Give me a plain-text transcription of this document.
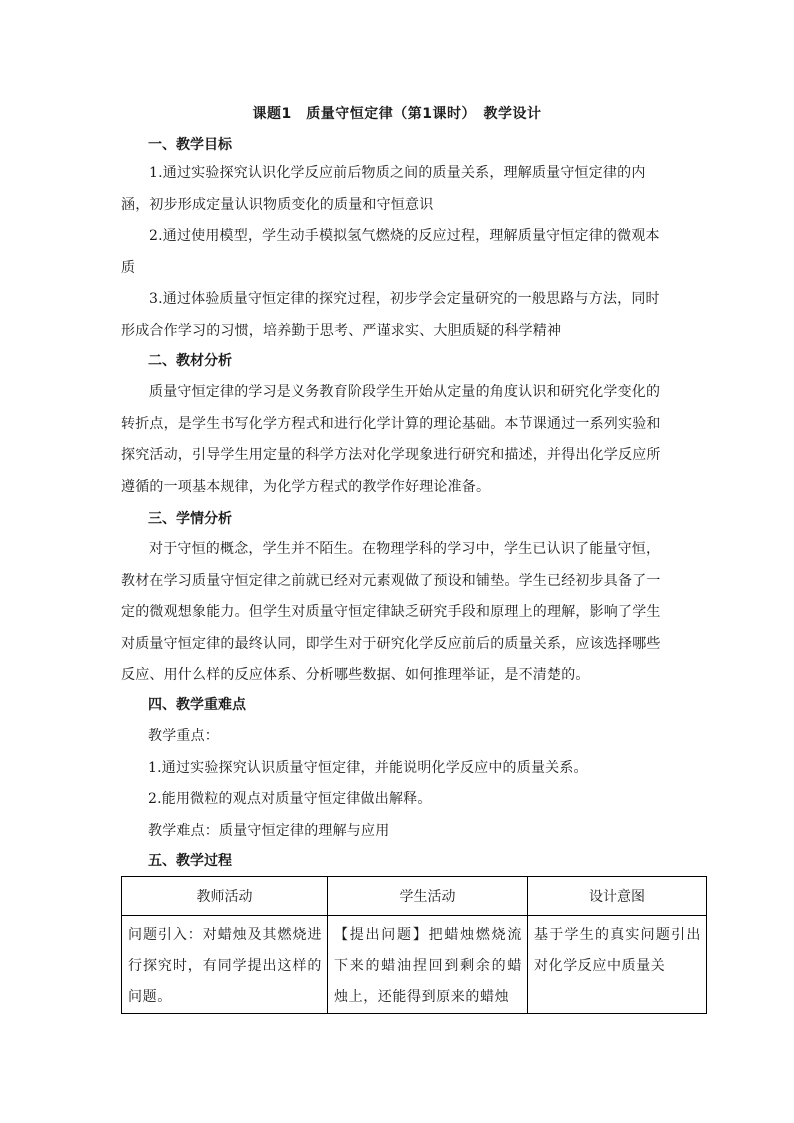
课题1　质量守恒定律（第1课时）　教学设计
一、教学目标
1.通过实验探究认识化学反应前后物质之间的质量关系，理解质量守恒定律的内涵，初步形成定量认识物质变化的质量和守恒意识
2.通过使用模型，学生动手模拟氢气燃烧的反应过程，理解质量守恒定律的微观本质
3.通过体验质量守恒定律的探究过程，初步学会定量研究的一般思路与方法，同时形成合作学习的习惯，培养勤于思考、严谨求实、大胆质疑的科学精神
二、教材分析
质量守恒定律的学习是义务教育阶段学生开始从定量的角度认识和研究化学变化的转折点，是学生书写化学方程式和进行化学计算的理论基础。本节课通过一系列实验和探究活动，引导学生用定量的科学方法对化学现象进行研究和描述，并得出化学反应所遵循的一项基本规律，为化学方程式的教学作好理论准备。
三、学情分析
对于守恒的概念，学生并不陌生。在物理学科的学习中，学生已认识了能量守恒，教材在学习质量守恒定律之前就已经对元素观做了预设和铺垫。学生已经初步具备了一定的微观想象能力。但学生对质量守恒定律缺乏研究手段和原理上的理解，影响了学生对质量守恒定律的最终认同，即学生对于研究化学反应前后的质量关系，应该选择哪些反应、用什么样的反应体系、分析哪些数据、如何推理举证，是不清楚的。
四、教学重难点
教学重点：
1.通过实验探究认识质量守恒定律，并能说明化学反应中的质量关系。
2.能用微粒的观点对质量守恒定律做出解释。
教学难点：质量守恒定律的理解与应用
五、教学过程
教师活动	学生活动	设计意图

问题引入：对蜡烛及其燃烧进行探究时，有同学提出这样的问题。	【提出问题】把蜡烛燃烧流下来的蜡油捏回到剩余的蜡烛上，还能得到原来的蜡烛	基于学生的真实问题引出对化学反应中质量关
